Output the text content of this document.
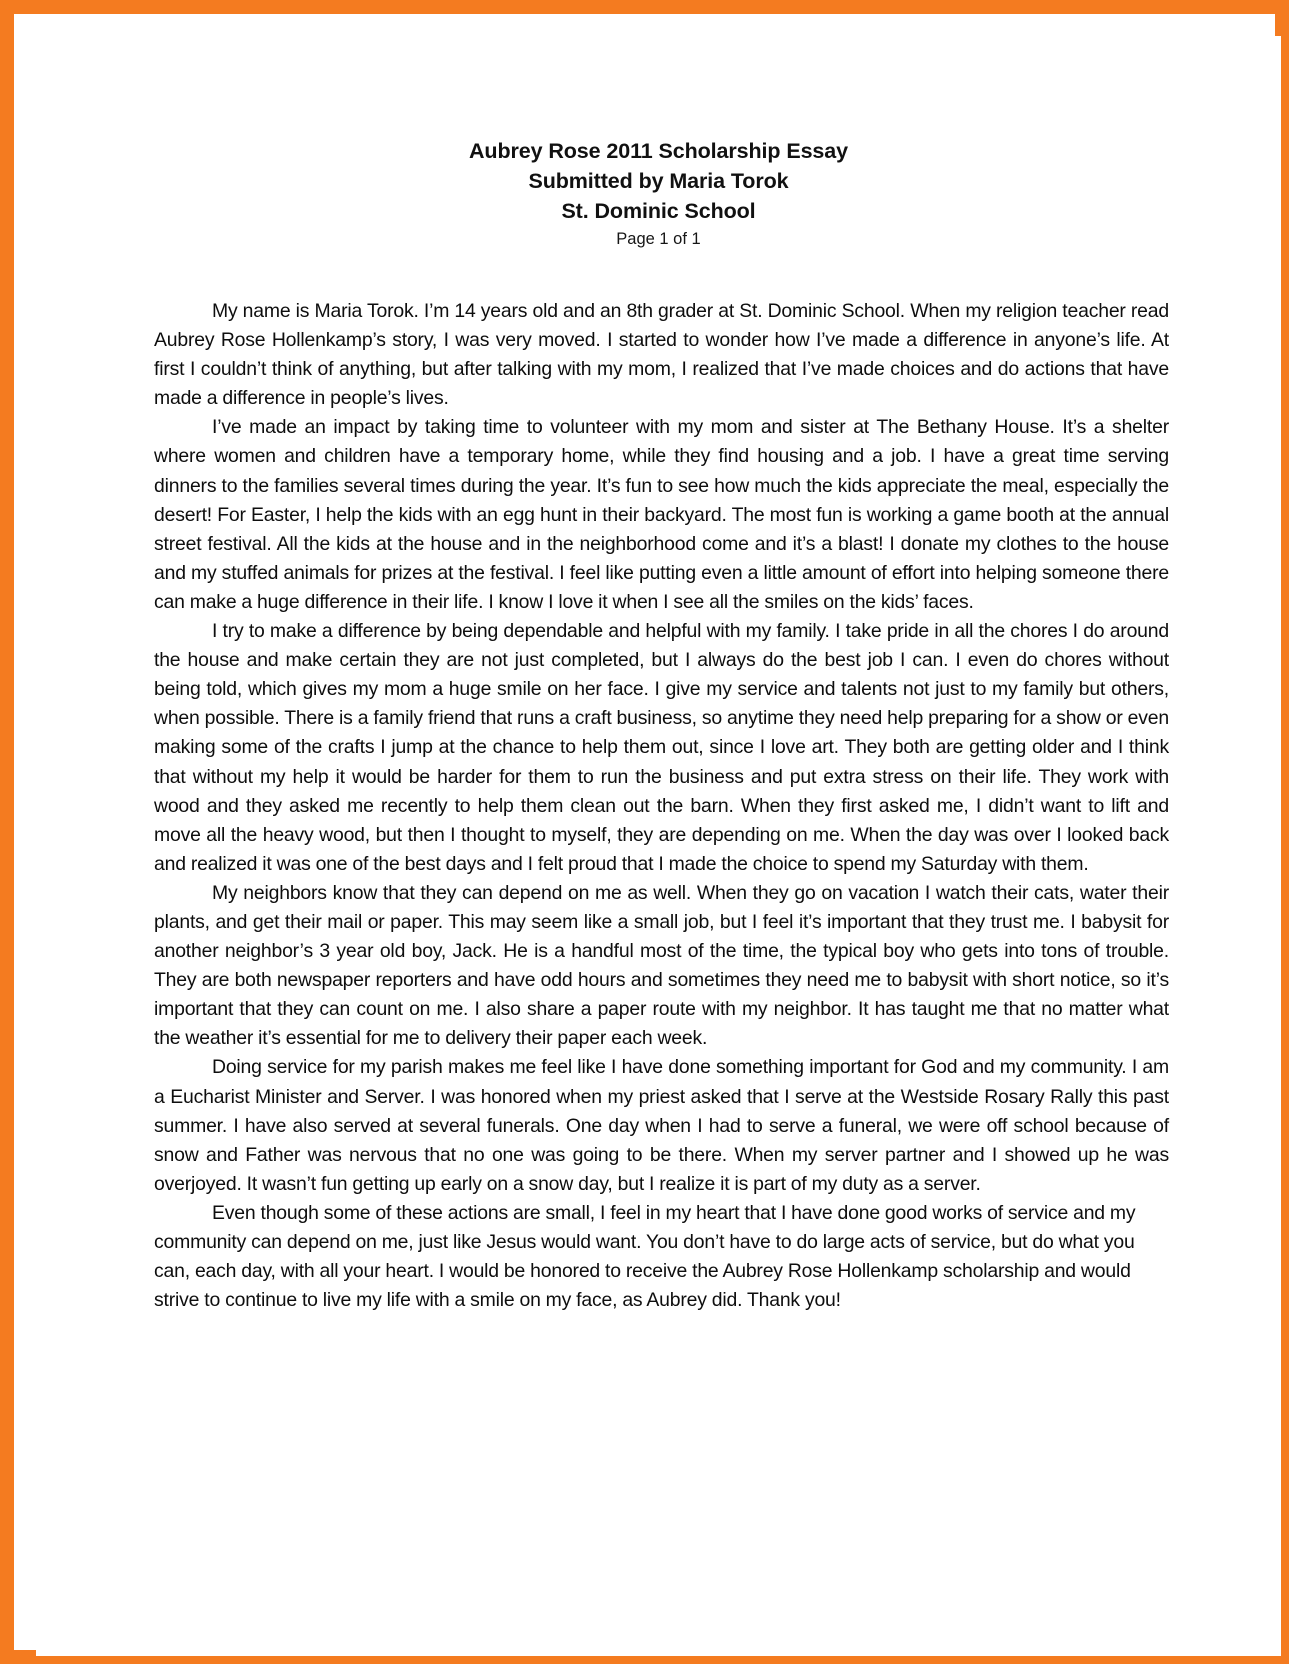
Aubrey Rose 2011 Scholarship Essay
Submitted by Maria Torok
St. Dominic School
Page 1 of 1

My name is Maria Torok. I’m 14 years old and an 8th grader at St. Dominic School. When my religion teacher read Aubrey Rose Hollenkamp’s story, I was very moved. I started to wonder how I’ve made a difference in anyone’s life. At first I couldn’t think of anything, but after talking with my mom, I realized that I’ve made choices and do actions that have made a difference in people’s lives.

I’ve made an impact by taking time to volunteer with my mom and sister at The Bethany House. It’s a shelter where women and children have a temporary home, while they find housing and a job. I have a great time serving dinners to the families several times during the year. It’s fun to see how much the kids appreciate the meal, especially the desert! For Easter, I help the kids with an egg hunt in their backyard. The most fun is working a game booth at the annual street festival. All the kids at the house and in the neighborhood come and it’s a blast! I donate my clothes to the house and my stuffed animals for prizes at the festival. I feel like putting even a little amount of effort into helping someone there can make a huge difference in their life. I know I love it when I see all the smiles on the kids’ faces.

I try to make a difference by being dependable and helpful with my family. I take pride in all the chores I do around the house and make certain they are not just completed, but I always do the best job I can. I even do chores without being told, which gives my mom a huge smile on her face. I give my service and talents not just to my family but others, when possible. There is a family friend that runs a craft business, so anytime they need help preparing for a show or even making some of the crafts I jump at the chance to help them out, since I love art. They both are getting older and I think that without my help it would be harder for them to run the business and put extra stress on their life. They work with wood and they asked me recently to help them clean out the barn. When they first asked me, I didn’t want to lift and move all the heavy wood, but then I thought to myself, they are depending on me. When the day was over I looked back and realized it was one of the best days and I felt proud that I made the choice to spend my Saturday with them.

My neighbors know that they can depend on me as well. When they go on vacation I watch their cats, water their plants, and get their mail or paper. This may seem like a small job, but I feel it’s important that they trust me. I babysit for another neighbor’s 3 year old boy, Jack. He is a handful most of the time, the typical boy who gets into tons of trouble. They are both newspaper reporters and have odd hours and sometimes they need me to babysit with short notice, so it’s important that they can count on me. I also share a paper route with my neighbor. It has taught me that no matter what the weather it’s essential for me to delivery their paper each week.

Doing service for my parish makes me feel like I have done something important for God and my community. I am a Eucharist Minister and Server. I was honored when my priest asked that I serve at the Westside Rosary Rally this past summer. I have also served at several funerals. One day when I had to serve a funeral, we were off school because of snow and Father was nervous that no one was going to be there. When my server partner and I showed up he was overjoyed. It wasn’t fun getting up early on a snow day, but I realize it is part of my duty as a server.

Even though some of these actions are small, I feel in my heart that I have done good works of service and my community can depend on me, just like Jesus would want. You don’t have to do large acts of service, but do what you can, each day, with all your heart. I would be honored to receive the Aubrey Rose Hollenkamp scholarship and would strive to continue to live my life with a smile on my face, as Aubrey did. Thank you!
